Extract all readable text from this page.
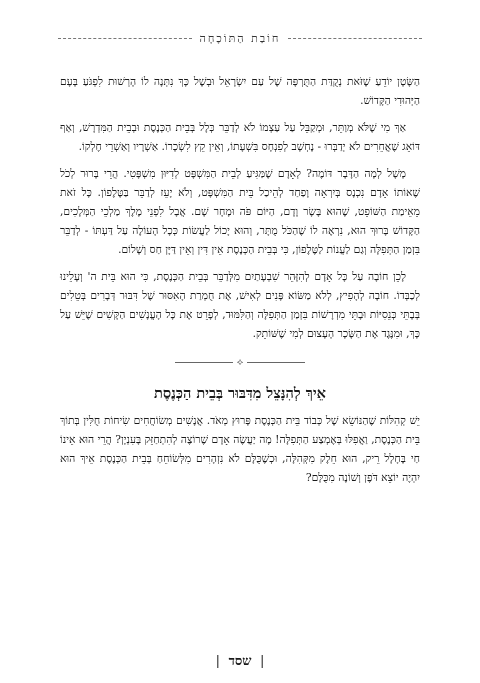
חוֹבַת הַתּוֹכָחָה

הַשָּׂטָן יוֹדֵעַ שֶׁזֹּאת נְקֻדַּת הַתֻּרְפָּה שֶׁל עַם יִשְׂרָאֵל וּבְשֶׁל כָּךְ נִתְּנָה לוֹ הָרְשׁוּת לִפְגֹּעַ בָּעָם הַיְּהוּדִי הַקָּדוֹשׁ.

אַךְ מִי שֶׁלֹּא מְוַתֵּר, וּמְקַבֵּל עַל עַצְמוֹ לֹא לְדַבֵּר כְּלָל בְּבֵית הַכְּנֶסֶת וּבְבֵית הַמִּדְרָשׁ, וְאַף דּוֹאֵג שֶׁאֲחֵרִים לֹא יְדַבְּרוּ - נֶחְשָׁב לְפִנְחָס בִּשְׁעָתוֹ, וְאֵין קֵץ לִשְׂכָרוֹ. אַשְׁרָיו וְאַשְׁרֵי חֶלְקוֹ.

מָשָׁל לְמָה הַדָּבָר דּוֹמֶה? לְאָדָם שֶׁמַּגִּיעַ לְבֵית הַמִּשְׁפָּט לְדִיּוּן מִשְׁפָּטִי. הֲרֵי בָּרוּר לְכֹל שֶׁאוֹתוֹ אָדָם נִכְנָס בְּיִרְאָה וָפַחַד לְהֵיכַל בֵּית הַמִּשְׁפָּט, וְלֹא יָעֵז לְדַבֵּר בַּטֶּלֶפוֹן. כָּל זֹאת מֵאֵימַת הַשּׁוֹפֵט, שֶׁהוּא בָּשָׂר וָדָם, הַיּוֹם פֹּה וּמָחָר שָׁם. אֲבָל לִפְנֵי מֶלֶךְ מַלְכֵי הַמְּלָכִים, הַקָּדוֹשׁ בָּרוּךְ הוּא, נִרְאֶה לוֹ שֶׁהַכֹּל מֻתָּר, וְהוּא יָכוֹל לַעֲשׂוֹת כְּכָל הָעוֹלֶה עַל דַּעְתּוֹ - לְדַבֵּר בִּזְמַן הַתְּפִלָּה וְגַם לַעֲנוֹת לַטֶּלֶפוֹן, כִּי בְּבֵית הַכְּנֶסֶת אֵין דִּין וְאֵין דַּיָּן חַס וְשָׁלוֹם.

לָכֵן חוֹבָה עַל כָּל אָדָם לְהִזָּהֵר שִׁבְעָתַיִם מִלְּדַבֵּר בְּבֵית הַכְּנֶסֶת, כִּי הוּא בֵּית ה' וְעָלֵינוּ לְכַבְּדוֹ. חוֹבָה לְהָפִיץ, לְלֹא מַשּׂוֹא פָּנִים לְאִישׁ, אֶת חֻמְרַת הָאִסּוּר שֶׁל דִּבּוּר דְּבָרִים בְּטֵלִים בְּבָתֵּי כְּנֵסִיּוֹת וּבָתֵּי מִדְרָשׁוֹת בִּזְמַן הַתְּפִלָּה וְהַלִּמּוּד, לְפָרֵט אֶת כָּל הָעֳנָשִׁים הַקָּשִׁים שֶׁיֵּשׁ עַל כָּךְ, וּמִנֶּגֶד אֶת הַשָּׂכָר הָעָצוּם לְמִי שֶׁשּׁוֹתֵק.

⟡
אֵיךְ לְהִנָּצֵל מִדִּבּוּר בְּבֵית הַכְּנֶסֶת

יֵשׁ קְהִלּוֹת שֶׁהַנּוֹשֵׂא שֶׁל כְּבוֹד בֵּית הַכְּנֶסֶת פָּרוּץ מְאֹד. אֲנָשִׁים מְשׂוֹחֲחִים שִׂיחוֹת חֻלִּין בְּתוֹךְ בֵּית הַכְּנֶסֶת, וַאֲפִלּוּ בְּאֶמְצַע הַתְּפִלָּה! מָה יַעֲשֶׂה אָדָם שֶׁרוֹצֶה לְהִתְחַזֵּק בָּעִנְיָן? הֲרֵי הוּא אֵינוֹ חַי בֶּחָלָל רֵיק, הוּא חֵלֶק מִקְּהִלָּה, וּכְשֶׁכֻּלָּם לֹא נִזְהָרִים מִלְּשׂוֹחֵחַ בְּבֵית הַכְּנֶסֶת אֵיךְ הוּא יִהְיֶה יוֹצֵא דֹּפֶן וְשׁוֹנֶה מִכֻּלָּם?

| שסד |
